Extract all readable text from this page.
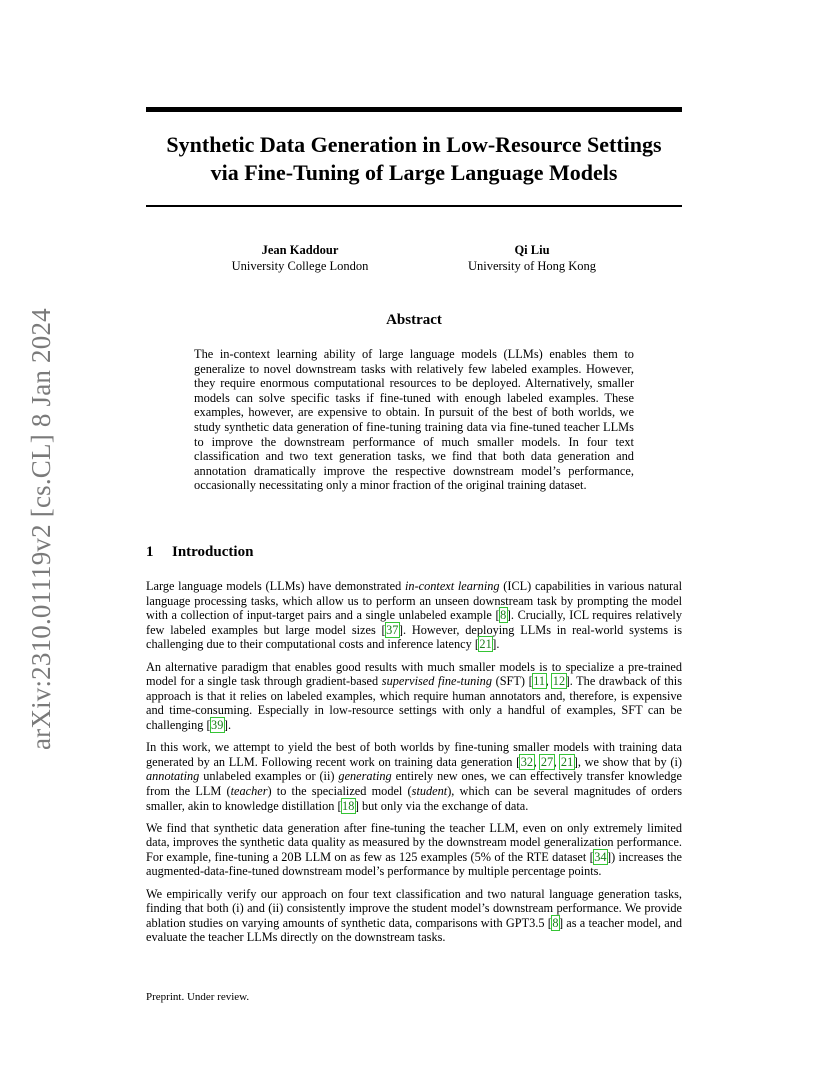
arXiv:2310.01119v2 [cs.CL] 8 Jan 2024
Synthetic Data Generation in Low-Resource Settings
via Fine-Tuning of Large Language Models
Jean Kaddour
University College London
Qi Liu
University of Hong Kong
Abstract
The in-context learning ability of large language models (LLMs) enables them to generalize to novel downstream tasks with relatively few labeled examples. However, they require enormous computational resources to be deployed. Alternatively, smaller models can solve specific tasks if fine-tuned with enough labeled examples. These examples, however, are expensive to obtain. In pursuit of the best of both worlds, we study synthetic data generation of fine-tuning training data via fine-tuned teacher LLMs to improve the downstream performance of much smaller models. In four text classification and two text generation tasks, we find that both data generation and annotation dramatically improve the respective downstream model’s performance, occasionally necessitating only a minor fraction of the original training dataset.
1 Introduction

Large language models (LLMs) have demonstrated in-context learning (ICL) capabilities in various natural language processing tasks, which allow us to perform an unseen downstream task by prompting the model with a collection of input-target pairs and a single unlabeled example [8]. Crucially, ICL requires relatively few labeled examples but large model sizes [37]. However, deploying LLMs in real-world systems is challenging due to their computational costs and inference latency [21].

An alternative paradigm that enables good results with much smaller models is to specialize a pre-trained model for a single task through gradient-based supervised fine-tuning (SFT) [11, 12]. The drawback of this approach is that it relies on labeled examples, which require human annotators and, therefore, is expensive and time-consuming. Especially in low-resource settings with only a handful of examples, SFT can be challenging [39].

In this work, we attempt to yield the best of both worlds by fine-tuning smaller models with training data generated by an LLM. Following recent work on training data generation [32, 27, 21], we show that by (i) annotating unlabeled examples or (ii) generating entirely new ones, we can effectively transfer knowledge from the LLM (teacher) to the specialized model (student), which can be several magnitudes of orders smaller, akin to knowledge distillation [18] but only via the exchange of data.

We find that synthetic data generation after fine-tuning the teacher LLM, even on only extremely limited data, improves the synthetic data quality as measured by the downstream model generalization performance. For example, fine-tuning a 20B LLM on as few as 125 examples (5% of the RTE dataset [34]) increases the augmented-data-fine-tuned downstream model’s performance by multiple percentage points.

We empirically verify our approach on four text classification and two natural language generation tasks, finding that both (i) and (ii) consistently improve the student model’s downstream performance. We provide ablation studies on varying amounts of synthetic data, comparisons with GPT3.5 [8] as a teacher model, and evaluate the teacher LLMs directly on the downstream tasks.

Preprint. Under review.
